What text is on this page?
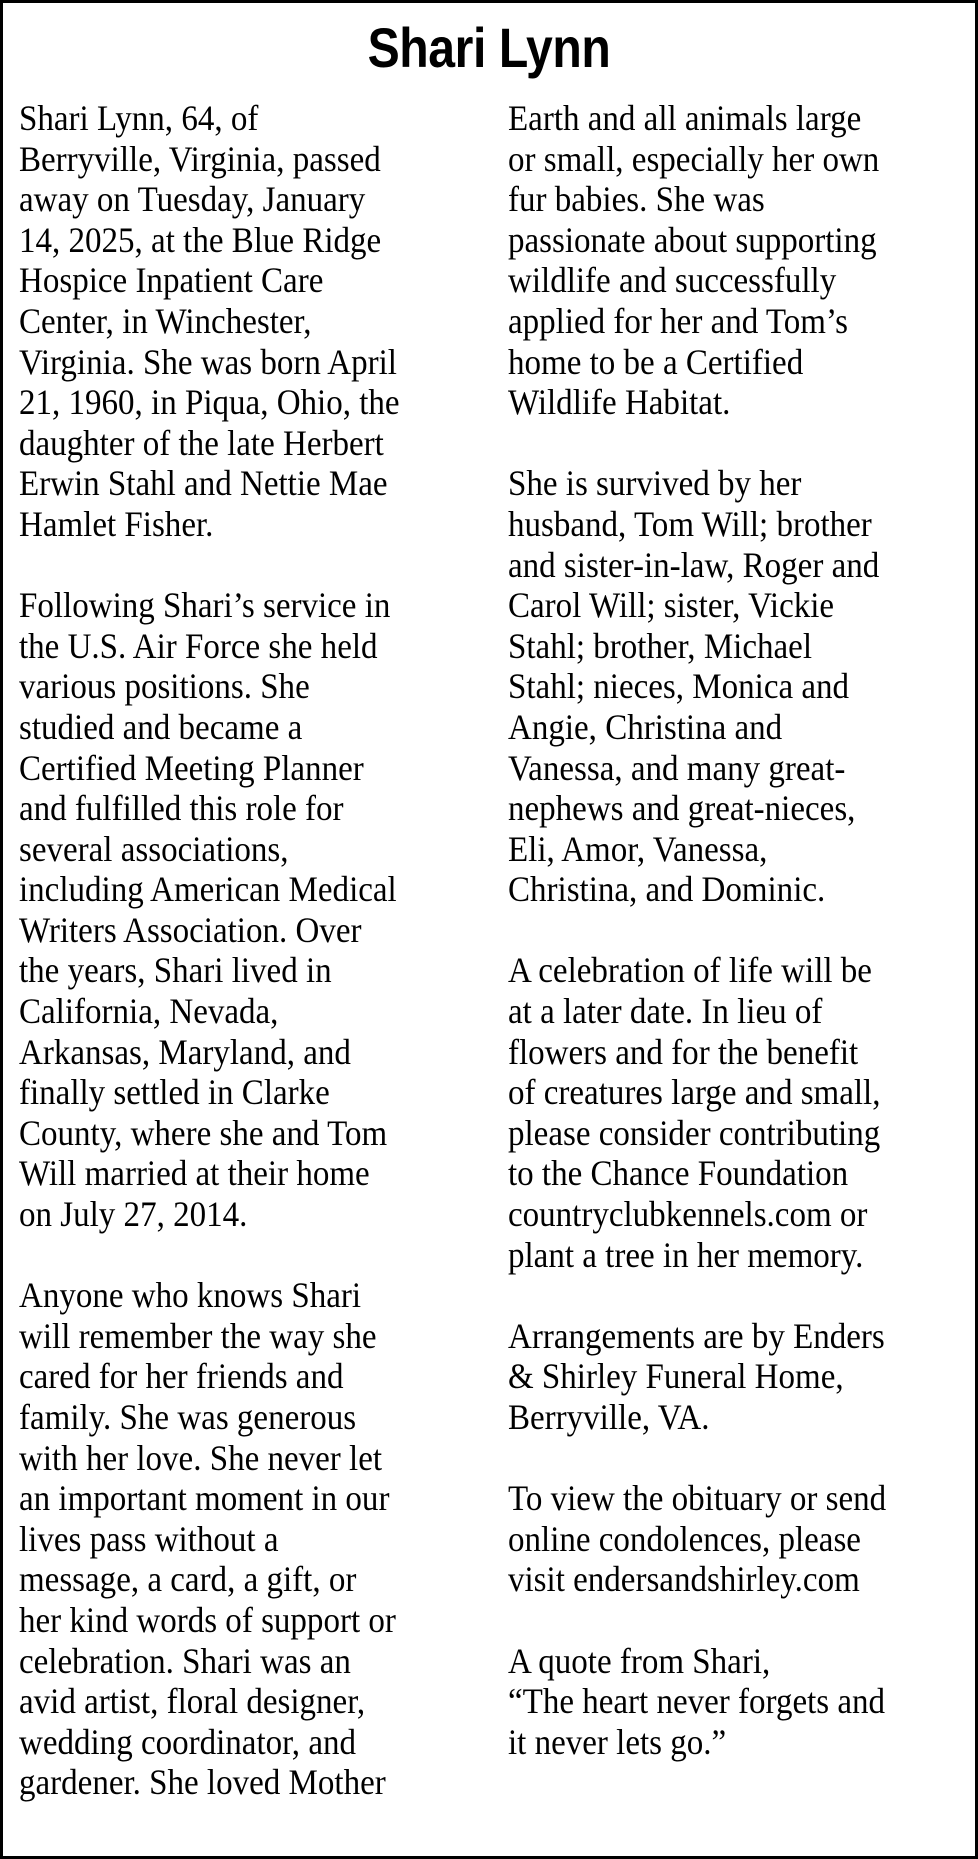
Shari Lynn

Shari Lynn, 64, of
Berryville, Virginia, passed
away on Tuesday, January
14, 2025, at the Blue Ridge
Hospice Inpatient Care
Center, in Winchester,
Virginia. She was born April
21, 1960, in Piqua, Ohio, the
daughter of the late Herbert
Erwin Stahl and Nettie Mae
Hamlet Fisher.

Following Shari’s service in
the U.S. Air Force she held
various positions. She
studied and became a
Certified Meeting Planner
and fulfilled this role for
several associations,
including American Medical
Writers Association. Over
the years, Shari lived in
California, Nevada,
Arkansas, Maryland, and
finally settled in Clarke
County, where she and Tom
Will married at their home
on July 27, 2014.

Anyone who knows Shari
will remember the way she
cared for her friends and
family. She was generous
with her love. She never let
an important moment in our
lives pass without a
message, a card, a gift, or
her kind words of support or
celebration. Shari was an
avid artist, floral designer,
wedding coordinator, and
gardener. She loved Mother

Earth and all animals large
or small, especially her own
fur babies. She was
passionate about supporting
wildlife and successfully
applied for her and Tom’s
home to be a Certified
Wildlife Habitat.

She is survived by her
husband, Tom Will; brother
and sister-in-law, Roger and
Carol Will; sister, Vickie
Stahl; brother, Michael
Stahl; nieces, Monica and
Angie, Christina and
Vanessa, and many great-
nephews and great-nieces,
Eli, Amor, Vanessa,
Christina, and Dominic.

A celebration of life will be
at a later date. In lieu of
flowers and for the benefit
of creatures large and small,
please consider contributing
to the Chance Foundation
countryclubkennels.com or
plant a tree in her memory.

Arrangements are by Enders
& Shirley Funeral Home,
Berryville, VA.

To view the obituary or send
online condolences, please
visit endersandshirley.com

A quote from Shari,
“The heart never forgets and
it never lets go.”
